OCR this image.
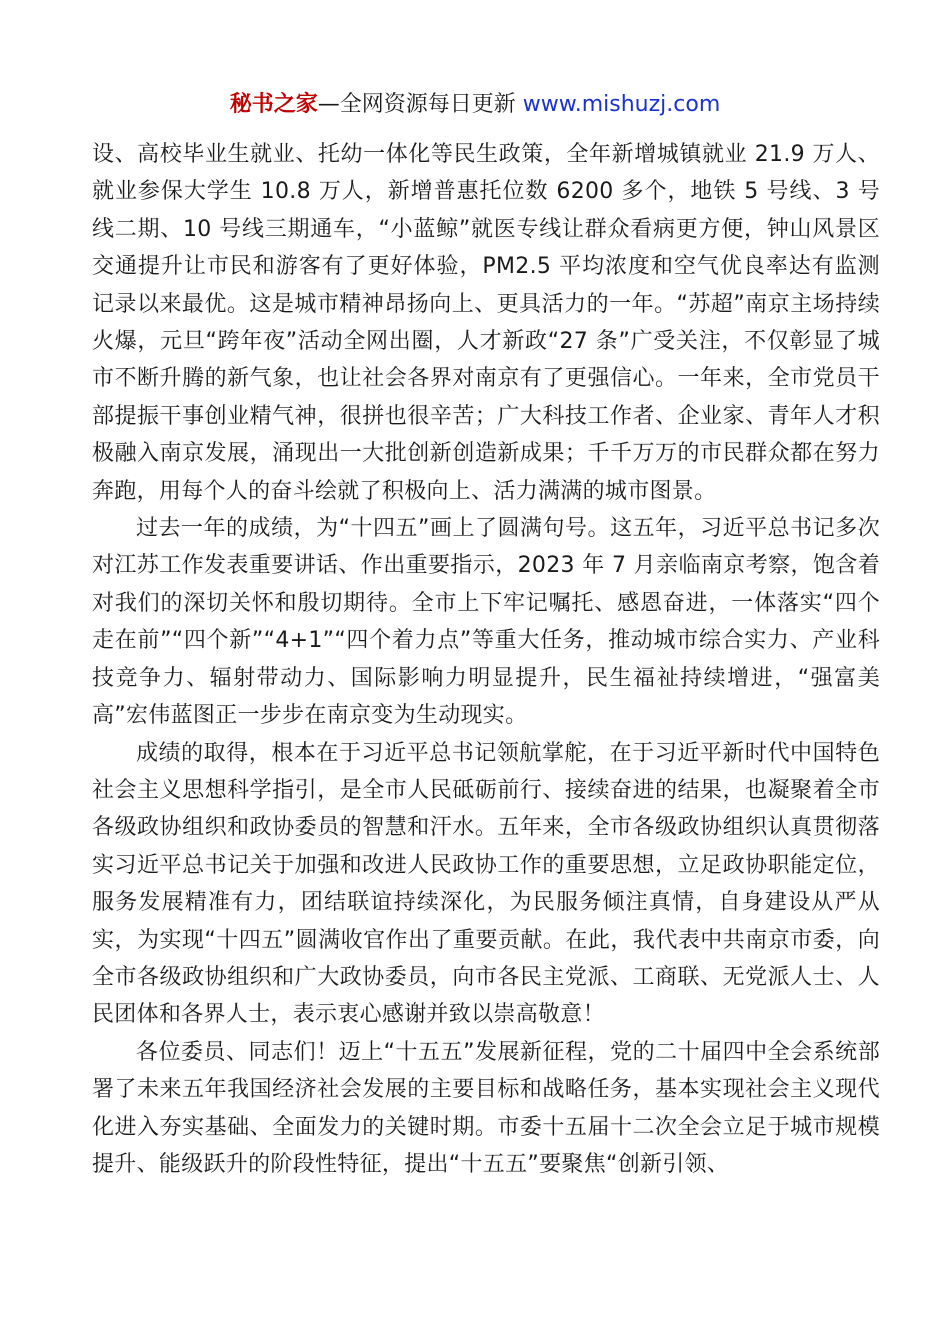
秘书之家—全网资源每日更新 www.mishuzj.com

设、高校毕业生就业、托幼一体化等民生政策，全年新增城镇就业 21.9 万人、就业参保大学生 10.8 万人，新增普惠托位数 6200 多个，地铁 5 号线、3 号线二期、10 号线三期通车，“小蓝鲸”就医专线让群众看病更方便，钟山风景区交通提升让市民和游客有了更好体验，PM2.5 平均浓度和空气优良率达有监测记录以来最优。这是城市精神昂扬向上、更具活力的一年。“苏超”南京主场持续火爆，元旦“跨年夜”活动全网出圈，人才新政“27 条”广受关注，不仅彰显了城市不断升腾的新气象，也让社会各界对南京有了更强信心。一年来，全市党员干部提振干事创业精气神，很拼也很辛苦；广大科技工作者、企业家、青年人才积极融入南京发展，涌现出一大批创新创造新成果；千千万万的市民群众都在努力奔跑，用每个人的奋斗绘就了积极向上、活力满满的城市图景。

过去一年的成绩，为“十四五”画上了圆满句号。这五年，习近平总书记多次对江苏工作发表重要讲话、作出重要指示，2023 年 7 月亲临南京考察，饱含着对我们的深切关怀和殷切期待。全市上下牢记嘱托、感恩奋进，一体落实“四个走在前”“四个新”“4+1”“四个着力点”等重大任务，推动城市综合实力、产业科技竞争力、辐射带动力、国际影响力明显提升，民生福祉持续增进，“强富美高”宏伟蓝图正一步步在南京变为生动现实。

成绩的取得，根本在于习近平总书记领航掌舵，在于习近平新时代中国特色社会主义思想科学指引，是全市人民砥砺前行、接续奋进的结果，也凝聚着全市各级政协组织和政协委员的智慧和汗水。五年来，全市各级政协组织认真贯彻落实习近平总书记关于加强和改进人民政协工作的重要思想，立足政协职能定位，服务发展精准有力，团结联谊持续深化，为民服务倾注真情，自身建设从严从实，为实现“十四五”圆满收官作出了重要贡献。在此，我代表中共南京市委，向全市各级政协组织和广大政协委员，向市各民主党派、工商联、无党派人士、人民团体和各界人士，表示衷心感谢并致以崇高敬意！

各位委员、同志们！迈上“十五五”发展新征程，党的二十届四中全会系统部署了未来五年我国经济社会发展的主要目标和战略任务，基本实现社会主义现代化进入夯实基础、全面发力的关键时期。市委十五届十二次全会立足于城市规模提升、能级跃升的阶段性特征，提出“十五五”要聚焦“创新引领、
